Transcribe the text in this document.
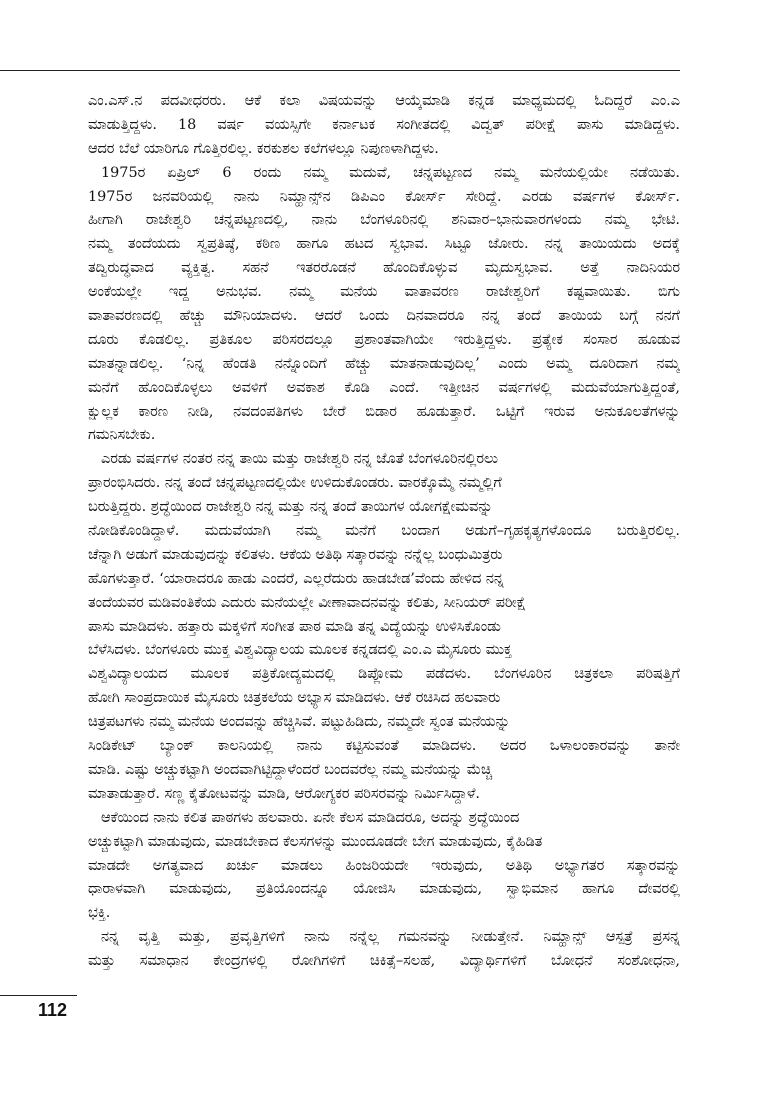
ಎಂ.ಎಸ್.ನ ಪದವೀಧರರು. ಆಕೆ ಕಲಾ ವಿಷಯವನ್ನು ಆಯ್ಕೆಮಾಡಿ ಕನ್ನಡ ಮಾಧ್ಯಮದಲ್ಲಿ ಓದಿದ್ದರೆ ಎಂ.ಎ
ಮಾಡುತ್ತಿದ್ದಳು. 18 ವರ್ಷ ವಯಸ್ಸಿಗೇ ಕರ್ನಾಟಕ ಸಂಗೀತದಲ್ಲಿ ವಿದ್ವತ್ ಪರೀಕ್ಷೆ ಪಾಸು ಮಾಡಿದ್ದಳು.
ಆದರ ಬೆಲೆ ಯಾರಿಗೂ ಗೊತ್ತಿರಲಿಲ್ಲ. ಕರಕುಶಲ ಕಲೆಗಳಲ್ಲೂ ನಿಪುಣಳಾಗಿದ್ದಳು.
1975ರ ಏಪ್ರಿಲ್ 6 ರಂದು ನಮ್ಮ ಮದುವೆ, ಚನ್ನಪಟ್ಟಣದ ನಮ್ಮ ಮನೆಯಲ್ಲಿಯೇ ನಡೆಯಿತು.
1975ರ ಜನವರಿಯಲ್ಲಿ ನಾನು ನಿಮ್ಹಾನ್ಸ್‌ನ ಡಿಪಿಎಂ ಕೋರ್ಸ್ ಸೇರಿದ್ದೆ. ಎರಡು ವರ್ಷಗಳ ಕೋರ್ಸ್.
ಹೀಗಾಗಿ ರಾಜೇಶ್ವರಿ ಚನ್ನಪಟ್ಟಣದಲ್ಲಿ, ನಾನು ಬೆಂಗಳೂರಿನಲ್ಲಿ ಶನಿವಾರ–ಭಾನುವಾರಗಳಂದು ನಮ್ಮ ಭೇಟಿ.
ನಮ್ಮ ತಂದೆಯದು ಸ್ವಪ್ರತಿಷ್ಠೆ, ಕಠಿಣ ಹಾಗೂ ಹಟದ ಸ್ವಭಾವ. ಸಿಟ್ಟೂ ಜೋರು. ನನ್ನ ತಾಯಿಯದು ಅದಕ್ಕೆ
ತದ್ವಿರುದ್ಧವಾದ ವ್ಯಕ್ತಿತ್ವ. ಸಹನೆ ಇತರರೊಡನೆ ಹೊಂದಿಕೊಳ್ಳುವ ಮೃದುಸ್ವಭಾವ. ಅತ್ತೆ ನಾದಿನಿಯರ
ಅಂಕೆಯಲ್ಲೇ ಇದ್ದ ಅನುಭವ. ನಮ್ಮ ಮನೆಯ ವಾತಾವರಣ ರಾಜೇಶ್ವರಿಗೆ ಕಷ್ಟವಾಯಿತು. ಬಿಗು
ವಾತಾವರಣದಲ್ಲಿ ಹೆಚ್ಚು ಮೌನಿಯಾದಳು. ಆದರೆ ಒಂದು ದಿನವಾದರೂ ನನ್ನ ತಂದೆ ತಾಯಿಯ ಬಗ್ಗೆ ನನಗೆ
ದೂರು ಕೊಡಲಿಲ್ಲ. ಪ್ರತಿಕೂಲ ಪರಿಸರದಲ್ಲೂ ಪ್ರಶಾಂತವಾಗಿಯೇ ಇರುತ್ತಿದ್ದಳು. ಪ್ರತ್ಯೇಕ ಸಂಸಾರ ಹೂಡುವ
ಮಾತನ್ನಾಡಲಿಲ್ಲ. ‘ನಿನ್ನ ಹೆಂಡತಿ ನನ್ನೊಂದಿಗೆ ಹೆಚ್ಚು ಮಾತನಾಡುವುದಿಲ್ಲ’ ಎಂದು ಅಮ್ಮ ದೂರಿದಾಗ ನಮ್ಮ
ಮನೆಗೆ ಹೊಂದಿಕೊಳ್ಳಲು ಅವಳಿಗೆ ಅವಕಾಶ ಕೊಡಿ ಎಂದೆ. ಇತ್ತೀಚಿನ ವರ್ಷಗಳಲ್ಲಿ ಮದುವೆಯಾಗುತ್ತಿದ್ದಂತೆ,
ಕ್ಷುಲ್ಲಕ ಕಾರಣ ನೀಡಿ, ನವದಂಪತಿಗಳು ಬೇರೆ ಬಿಡಾರ ಹೂಡುತ್ತಾರೆ. ಒಟ್ಟಿಗೆ ಇರುವ ಅನುಕೂಲತೆಗಳನ್ನು
ಗಮನಿಸಬೇಕು.
ಎರಡು ವರ್ಷಗಳ ನಂತರ ನನ್ನ ತಾಯಿ ಮತ್ತು ರಾಜೇಶ್ವರಿ ನನ್ನ ಜೊತೆ ಬೆಂಗಳೂರಿನಲ್ಲಿರಲು
ಪ್ರಾರಂಭಿಸಿದರು. ನನ್ನ ತಂದೆ ಚನ್ನಪಟ್ಟಣದಲ್ಲಿಯೇ ಉಳಿದುಕೊಂಡರು. ವಾರಕ್ಕೊಮ್ಮೆ ನಮ್ಮಲ್ಲಿಗೆ
ಬರುತ್ತಿದ್ದರು. ಶ್ರದ್ಧೆಯಿಂದ ರಾಜೇಶ್ವರಿ ನನ್ನ ಮತ್ತು ನನ್ನ ತಂದೆ ತಾಯಿಗಳ ಯೋಗಕ್ಷೇಮವನ್ನು
ನೋಡಿಕೊಂಡಿದ್ದಾಳೆ. ಮದುವೆಯಾಗಿ ನಮ್ಮ ಮನೆಗೆ ಬಂದಾಗ ಅಡುಗೆ–ಗೃಹಕೃತ್ಯಗಳೊಂದೂ ಬರುತ್ತಿರಲಿಲ್ಲ.
ಚೆನ್ನಾಗಿ ಅಡುಗೆ ಮಾಡುವುದನ್ನು ಕಲಿತಳು. ಆಕೆಯ ಅತಿಥಿ ಸತ್ಕಾರವನ್ನು ನನ್ನೆಲ್ಲ ಬಂಧುಮಿತ್ರರು
ಹೊಗಳುತ್ತಾರೆ. ‘ಯಾರಾದರೂ ಹಾಡು ಎಂದರೆ, ಎಲ್ಲರೆದುರು ಹಾಡಬೇಡ’ವೆಂದು ಹೇಳಿದ ನನ್ನ
ತಂದೆಯವರ ಮಡಿವಂತಿಕೆಯ ಎದುರು ಮನೆಯಲ್ಲೇ ವೀಣಾವಾದನವನ್ನು ಕಲಿತು, ಸೀನಿಯರ್ ಪರೀಕ್ಷೆ
ಪಾಸು ಮಾಡಿದಳು. ಹತ್ತಾರು ಮಕ್ಕಳಿಗೆ ಸಂಗೀತ ಪಾಠ ಮಾಡಿ ತನ್ನ ವಿದ್ಯೆಯನ್ನು ಉಳಿಸಿಕೊಂಡು
ಬೆಳೆಸಿದಳು. ಬೆಂಗಳೂರು ಮುಕ್ತ ವಿಶ್ವವಿದ್ಯಾಲಯ ಮೂಲಕ ಕನ್ನಡದಲ್ಲಿ ಎಂ.ಎ ಮೈಸೂರು ಮುಕ್ತ
ವಿಶ್ವವಿದ್ಯಾಲಯದ ಮೂಲಕ ಪತ್ರಿಕೋದ್ಯಮದಲ್ಲಿ ಡಿಪ್ಲೋಮ ಪಡೆದಳು. ಬೆಂಗಳೂರಿನ ಚಿತ್ರಕಲಾ ಪರಿಷತ್ತಿಗೆ
ಹೋಗಿ ಸಾಂಪ್ರದಾಯಿಕ ಮೈಸೂರು ಚಿತ್ರಕಲೆಯ ಅಭ್ಯಾಸ ಮಾಡಿದಳು. ಆಕೆ ರಚಿಸಿದ ಹಲವಾರು
ಚಿತ್ರಪಟಗಳು ನಮ್ಮ ಮನೆಯ ಅಂದವನ್ನು ಹೆಚ್ಚಿಸಿವೆ. ಪಟ್ಟುಹಿಡಿದು, ನಮ್ಮದೇ ಸ್ವಂತ ಮನೆಯನ್ನು
ಸಿಂಡಿಕೇಟ್ ಬ್ಯಾಂಕ್ ಕಾಲನಿಯಲ್ಲಿ ನಾನು ಕಟ್ಟಿಸುವಂತೆ ಮಾಡಿದಳು. ಅದರ ಒಳಾಲಂಕಾರವನ್ನು ತಾನೇ
ಮಾಡಿ. ಎಷ್ಟು ಅಚ್ಚುಕಟ್ಟಾಗಿ ಅಂದವಾಗಿಟ್ಟಿದ್ದಾಳೆಂದರೆ ಬಂದವರೆಲ್ಲ ನಮ್ಮ ಮನೆಯನ್ನು ಮೆಚ್ಚಿ
ಮಾತಾಡುತ್ತಾರೆ. ಸಣ್ಣ ಕೈತೋಟವನ್ನು ಮಾಡಿ, ಆರೋಗ್ಯಕರ ಪರಿಸರವನ್ನು ನಿರ್ಮಿಸಿದ್ದಾಳೆ.
ಆಕೆಯಿಂದ ನಾನು ಕಲಿತ ಪಾಠಗಳು ಹಲವಾರು. ಏನೇ ಕೆಲಸ ಮಾಡಿದರೂ, ಅದನ್ನು ಶ್ರದ್ಧೆಯಿಂದ
ಅಚ್ಚುಕಟ್ಟಾಗಿ ಮಾಡುವುದು, ಮಾಡಬೇಕಾದ ಕೆಲಸಗಳನ್ನು ಮುಂದೂಡದೇ ಬೇಗ ಮಾಡುವುದು, ಕೈಹಿಡಿತ
ಮಾಡದೇ ಅಗತ್ಯವಾದ ಖರ್ಚು ಮಾಡಲು ಹಿಂಜರಿಯದೇ ಇರುವುದು, ಅತಿಥಿ ಅಭ್ಯಾಗತರ ಸತ್ಕಾರವನ್ನು
ಧಾರಾಳವಾಗಿ ಮಾಡುವುದು, ಪ್ರತಿಯೊಂದನ್ನೂ ಯೋಜಿಸಿ ಮಾಡುವುದು, ಸ್ವಾಭಿಮಾನ ಹಾಗೂ ದೇವರಲ್ಲಿ
ಭಕ್ತಿ.
ನನ್ನ ವೃತ್ತಿ ಮತ್ತು, ಪ್ರವೃತ್ತಿಗಳಿಗೆ ನಾನು ನನ್ನೆಲ್ಲ ಗಮನವನ್ನು ನೀಡುತ್ತೇನೆ. ನಿಮ್ಹಾನ್ಸ್ ಆಸ್ಪತ್ರೆ ಪ್ರಸನ್ನ
ಮತ್ತು ಸಮಾಧಾನ ಕೇಂದ್ರಗಳಲ್ಲಿ ರೋಗಿಗಳಿಗೆ ಚಿಕಿತ್ಸೆ–ಸಲಹೆ, ವಿದ್ಯಾರ್ಥಿಗಳಿಗೆ ಬೋಧನೆ ಸಂಶೋಧನಾ,
112
